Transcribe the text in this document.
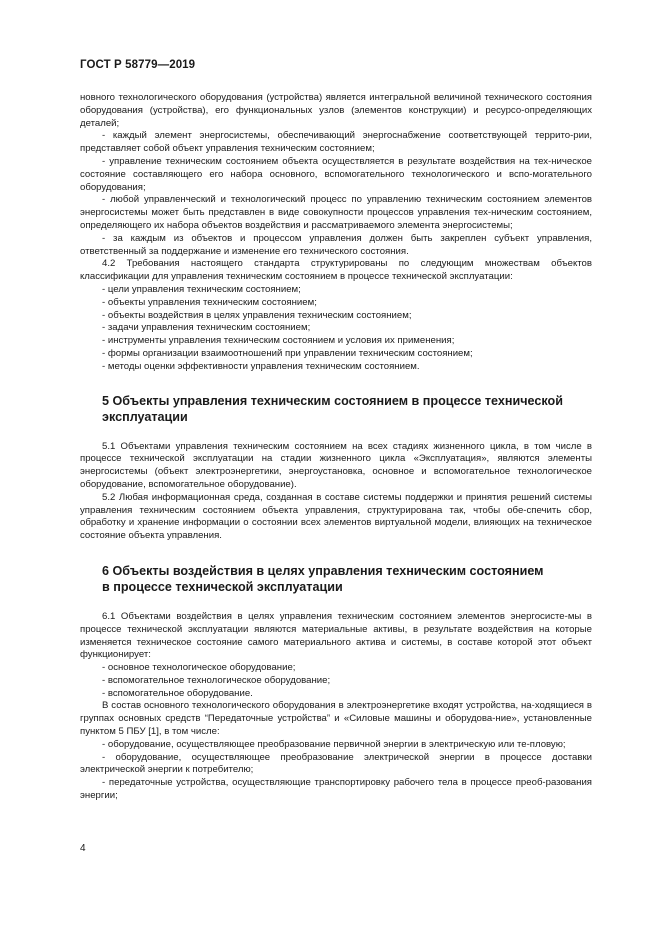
ГОСТ Р 58779—2019

новного технологического оборудования (устройства) является интегральной величиной технического состояния оборудования (устройства), его функциональных узлов (элементов конструкции) и ресурсо-определяющих деталей;

- каждый элемент энергосистемы, обеспечивающий энергоснабжение соответствующей террито-рии, представляет собой объект управления техническим состоянием;

- управление техническим состоянием объекта осуществляется в результате воздействия на тех-ническое состояние составляющего его набора основного, вспомогательного технологического и вспо-могательного оборудования;

- любой управленческий и технологический процесс по управлению техническим состоянием элементов энергосистемы может быть представлен в виде совокупности процессов управления тех-ническим состоянием, определяющего их набора объектов воздействия и рассматриваемого элемента энергосистемы;

- за каждым из объектов и процессом управления должен быть закреплен субъект управления, ответственный за поддержание и изменение его технического состояния.

4.2 Требования настоящего стандарта структурированы по следующим множествам объектов классификации для управления техническим состоянием в процессе технической эксплуатации:

- цели управления техническим состоянием;

- объекты управления техническим состоянием;

- объекты воздействия в целях управления техническим состоянием;

- задачи управления техническим состоянием;

- инструменты управления техническим состоянием и условия их применения;

- формы организации взаимоотношений при управлении техническим состоянием;

- методы оценки эффективности управления техническим состоянием.

5 Объекты управления техническим состоянием в процессе технической

эксплуатации

5.1 Объектами управления техническим состоянием на всех стадиях жизненного цикла, в том числе в процессе технической эксплуатации на стадии жизненного цикла «Эксплуатация», являются элементы энергосистемы (объект электроэнергетики, энергоустановка, основное и вспомогательное технологическое оборудование, вспомогательное оборудование).

5.2 Любая информационная среда, созданная в составе системы поддержки и принятия решений системы управления техническим состоянием объекта управления, структурирована так, чтобы обе-спечить сбор, обработку и хранение информации о состоянии всех элементов виртуальной модели, влияющих на техническое состояние объекта управления.

6 Объекты воздействия в целях управления техническим состоянием

в процессе технической эксплуатации

6.1 Объектами воздействия в целях управления техническим состоянием элементов энергосисте-мы в процессе технической эксплуатации являются материальные активы, в результате воздействия на которые изменяется техническое состояние самого материального актива и системы, в составе которой этот объект функционирует:

- основное технологическое оборудование;

- вспомогательное технологическое оборудование;

- вспомогательное оборудование.

В состав основного технологического оборудования в электроэнергетике входят устройства, на-ходящиеся в группах основных средств “Передаточные устройства” и «Силовые машины и оборудова-ние», установленные пунктом 5 ПБУ [1], в том числе:

- оборудование, осуществляющее преобразование первичной энергии в электрическую или те-пловую;

- оборудование, осуществляющее преобразование электрической энергии в процессе доставки электрической энергии к потребителю;

- передаточные устройства, осуществляющие транспортировку рабочего тела в процессе преоб-разования энергии;

4
